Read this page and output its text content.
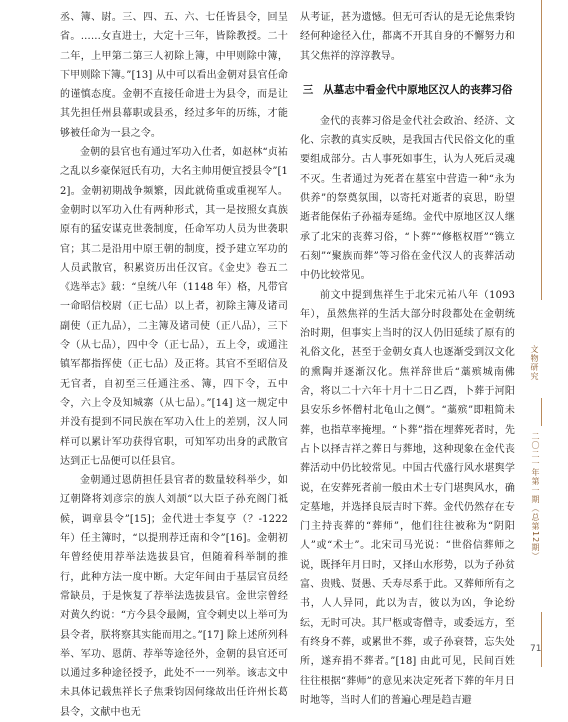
丞、簿、尉。三、四、五、六、七任皆县令，回呈省。……女直进士，大定十三年，皆除教授。二十二年，上甲第二第三人初除上簿，中甲则除中簿，下甲则除下簿。”[13] 从中可以看出金朝对县官任命的谨慎态度。金朝不直接任命进士为县令，而是让其先担任州县幕职或县丞，经过多年的历练，才能够被任命为一县之令。

金朝的县官也有通过军功入仕者，如赵林“贞祐之乱以乡豪保冠氏有功，大名主帅用便宜授县令”[12]。金朝初期战争频繁，因此就倚重或重视军人。金朝时以军功入仕有两种形式，其一是按照女真族原有的猛安谋克世袭制度，任命军功人员为世袭职官；其二是沿用中原王朝的制度，授予建立军功的人员武散官，积累资历出任汉官。《金史》卷五二《选举志》载：“皇统八年（1148 年）格，凡带官一命昭信校尉（正七品）以上者，初除主簿及诸司副使（正九品），二主簿及诸司使（正八品），三下令（从七品），四中令（正七品），五上令，或通注镇军都指挥使（正七品）及正将。其官不至昭信及无官者，自初至三任通注丞、簿，四下令，五中令，六上令及知城寨（从七品）。”[14] 这一规定中并没有提到不同民族在军功入仕上的差别，汉人同样可以累计军功获得官职，可知军功出身的武散官达到正七品便可以任县官。

金朝通过恩荫担任县官者的数量较科举少，如辽朝降将刘彦宗的族人刘颉“以大臣子孙充阁门祗候，调章县令”[15]；金代进士李复亨（？-1222年）任主簿时，“以提刑荐迁南和令”[16]。金朝初年曾经使用荐举法选拔县官，但随着科举制的推行，此种方法一度中断。大定年间由于基层官员经常缺员，于是恢复了荐举法选拔县官。金世宗曾经对黄久约说：“方今县令最阙，宜令剌史以上举可为县令者，朕将察其实能而用之。”[17] 除上述所列科举、军功、恩荫、荐举等途径外，金朝的县官还可以通过多种途径授予，此处不一一列举。该志文中未具体记载焦祥长子焦秉钧因何缘故出任许州长葛县令，文献中也无

从考证，甚为遗憾。但无可否认的是无论焦秉钧经何种途径入仕，都离不开其自身的不懈努力和其父焦祥的淳淳教导。

三 从墓志中看金代中原地区汉人的丧葬习俗

金代的丧葬习俗是金代社会政治、经济、文化、宗教的真实反映，是我国古代民俗文化的重要组成部分。古人事死如事生，认为人死后灵魂不灭。生者通过为死者在墓室中营造一种“永为供养”的祭奠氛围，以寄托对逝者的哀思，盼望逝者能保佑子孙福寿延绵。金代中原地区汉人继承了北宋的丧葬习俗，“卜葬”“修柩权厝”“镌立石刻”“聚族而葬”等习俗在金代汉人的丧葬活动中仍比较常见。

前文中提到焦祥生于北宋元祐八年（1093年），虽然焦祥的生活大部分时段都处在金朝统治时期，但事实上当时的汉人仍旧延续了原有的礼俗文化，甚至于金朝女真人也逐渐受到汉文化的熏陶并逐渐汉化。焦祥辞世后“藁殡城南佛舍，将以二十六年十月十二日乙酉，卜葬于河阳县安乐乡怀僧村北龟山之侧”。“藁殡”即粗简未葬，也指草率掩埋。“卜葬”指在埋葬死者时，先占卜以择吉祥之葬日与葬地，这种现象在金代丧葬活动中仍比较常见。中国古代盛行风水堪舆学说，在安葬死者前一般由术士专门堪舆风水，确定墓地，并选择良辰吉时下葬。金代仍然存在专门主持丧葬的“葬师”，他们往往被称为“阴阳人”或“术士”。北宋司马光说：“世俗信葬师之说，既择年月日时，又择山水形势，以为子孙贫富、贵贱、贤愚、夭寿尽系于此。又葬师所有之书，人人异同，此以为吉，彼以为凶，争论纷纭，无时可决。其尸柩或寄僧寺，或委远方，至有终身不葬，或累世不葬，或子孙衰替，忘失处所，遂弃捐不葬者。”[18] 由此可见，民间百姓往往根据“葬师”的意见来决定死者下葬的年月日时地等，当时人们的普遍心理是趋吉避

文物研究
二〇二一年第一期（总第12期）
71
